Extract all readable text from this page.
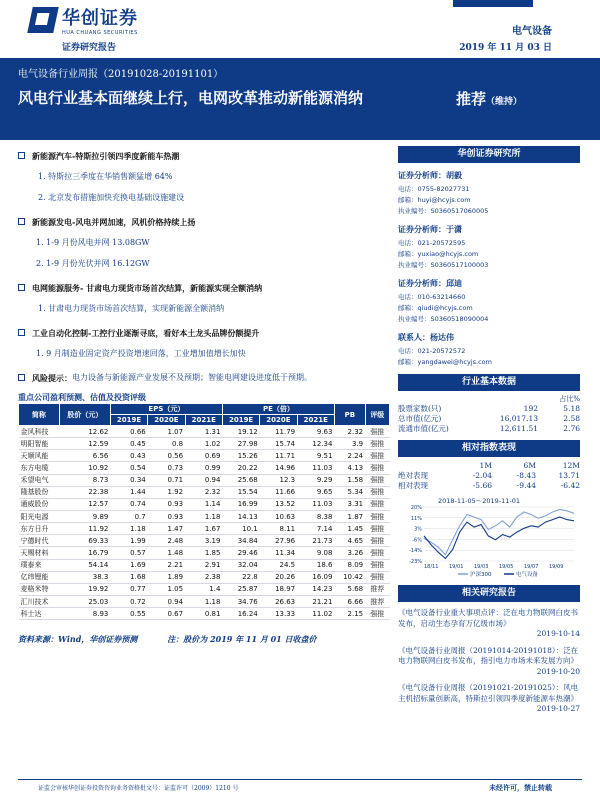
华创证券
HUA CHUANG SECURITIES
证券研究报告
电气设备
2019 年 11 月 03 日
电气设备行业周报（20191028-20191101）
风电行业基本面继续上行，电网改革推动新能源消纳	推荐（维持）
新能源汽车-特斯拉引领四季度新能车热潮
1. 特斯拉三季度在华销售额猛增 64%
2. 北京发布措施加快充换电基础设施建设
新能源发电-风电并网加速，风机价格持续上扬
1. 1-9 月份风电并网 13.08GW
2. 1-9 月份光伏并网 16.12GW
电网能源服务- 甘肃电力现货市场首次结算，新能源实现全额消纳
1. 甘肃电力现货市场首次结算，实现新能源全额消纳
工业自动化控制-工控行业逐渐寻底，看好本土龙头品牌份额提升
1. 9 月制造业固定资产投资增速回落，工业增加值增长加快
风险提示： 电力设备与新能源产业发展不及预期；智能电网建设进度低于预期。
重点公司盈利预测、估值及投资评级
简称	股价（元）	EPS（元）			PE（倍）			PB	评级
		2019E	2020E	2021E	2019E	2020E	2021E		
金风科技	12.62	0.66	1.07	1.31	19.12	11.79	9.63	2.32	强推
明阳智能	12.59	0.45	0.8	1.02	27.98	15.74	12.34	3.9	强推
天顺风能	6.56	0.43	0.56	0.69	15.26	11.71	9.51	2.24	强推
东方电缆	10.92	0.54	0.73	0.99	20.22	14.96	11.03	4.13	强推
禾望电气	8.73	0.34	0.71	0.94	25.68	12.3	9.29	1.58	强推
隆基股份	22.38	1.44	1.92	2.32	15.54	11.66	9.65	5.34	强推
通威股份	12.57	0.74	0.93	1.14	16.99	13.52	11.03	3.31	强推
阳光电源	9.89	0.7	0.93	1.18	14.13	10.63	8.38	1.87	强推
东方日升	11.92	1.18	1.47	1.67	10.1	8.11	7.14	1.45	强推
宁德时代	69.33	1.99	2.48	3.19	34.84	27.96	21.73	4.65	强推
天赐材料	16.79	0.57	1.48	1.85	29.46	11.34	9.08	3.26	强推
璞泰来	54.14	1.69	2.21	2.91	32.04	24.5	18.6	8.09	强推
亿纬锂能	38.3	1.68	1.89	2.38	22.8	20.26	16.09	10.42	强推
麦格米特	19.92	0.77	1.05	1.4	25.87	18.97	14.23	5.68	推荐
汇川技术	25.03	0.72	0.94	1.18	34.76	26.63	21.21	6.66	推荐
科士达	8.93	0.55	0.67	0.81	16.24	13.33	11.02	2.15	强推
资料来源：Wind，华创证券预测	注：股价为 2019 年 11 月 01 日收盘价
华创证券研究所
证券分析师：胡毅
电话：0755-82027731
邮箱：huyi@hcyjs.com
执业编号：S0360517060005
证券分析师：于潇
电话：021-20572595
邮箱：yuxiao@hcyjs.com
执业编号：S0360517100003
证券分析师：邱迪
电话：010-63214660
邮箱：qiudi@hcyjs.com
执业编号：S0360518090004
联系人：杨达伟
电话：021-20572572
邮箱：yangdawei@hcyjs.com
行业基本数据
占比%
股票家数(只)	192	5.18
总市值(亿元)	16,017.13	2.58
流通市值(亿元)	12,611.51	2.76
相对指数表现
1M	6M	12M
绝对表现	-2.04	-8.43	13.71
相对表现	-5.66	-9.44	-6.42
2018-11-05～2019-11-01
20%
11%
3%
-6%
-14%
-23%
18/11 19/01 19/03 19/05 19/07 19/09
沪深300	电气设备
相关研究报告
《电气设备行业重大事项点评：泛在电力物联网白皮书发布，启动生态孕育万亿级市场》
2019-10-14
《电气设备行业周报（20191014-20191018）：泛在电力物联网白皮书发布，指引电力市场未来发展方向》
2019-10-20
《电气设备行业周报（20191021-20191025）：风电主机招标量创新高，特斯拉引领四季度新能源车热潮》
2019-10-27
证监会审核华创证券投资咨询业务资格批文号：证监许可（2009）1210 号	未经许可，禁止转载
